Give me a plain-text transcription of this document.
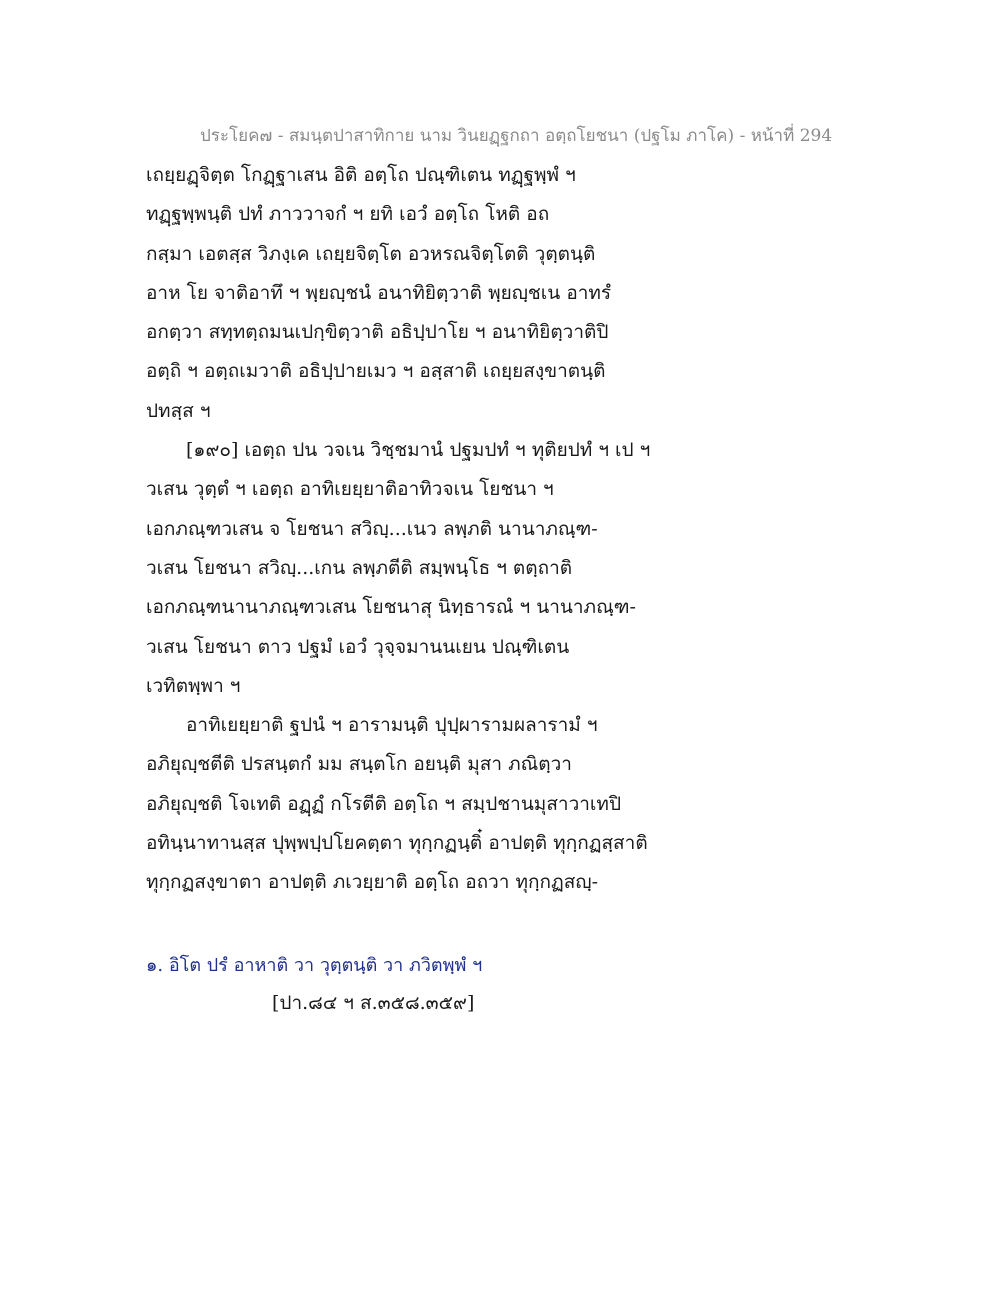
ประโยค๗ - สมนฺตปาสาทิกาย นาม วินยฏฺฐกถา อตฺถโยชนา (ปฐโม ภาโค) - หน้าที่ 294
เถยฺยฏฺจิตฺต โกฏฺฐาเสน อิติ อตฺโถ ปณฺฑิเตน ทฏฺฐพฺพํ ฯ
ทฏฺฐพฺพนฺติ ปทํ ภาววาจกํ ฯ ยทิ เอวํ อตฺโถ โหติ อถ
กสฺมา เอตสฺส วิภงฺเค เถยฺยจิตฺโต อวหรณจิตฺโตติ วุตฺตนฺติ
อาห โย จาติอาทึ ฯ พฺยญฺชนํ อนาทิยิตฺวาติ พฺยญฺชเน อาทรํ
อกตฺวา สทฺทตฺถมนเปกฺขิตฺวาติ อธิปฺปาโย ฯ อนาทิยิตฺวาติปิ
อตฺถิ ฯ อตฺถเมวาติ อธิปฺปายเมว ฯ อสฺสาติ เถยฺยสงฺขาตนฺติ
ปทสฺส ฯ
[๑๙๐] เอตฺถ ปน วจเน วิชฺชมานํ ปฐมปทํ ฯ ทุติยปทํ ฯ เป ฯ
วเสน วุตฺตํ ฯ เอตฺถ อาทิเยยฺยาติอาทิวจเน โยชนา ฯ
เอกภณฺฑวเสน จ โยชนา สวิญฺ...เนว ลพฺภติ นานาภณฺฑ-
วเสน โยชนา สวิญฺ...เกน ลพฺภตีติ สมฺพนฺโธ ฯ ตตฺถาติ
เอกภณฺฑนานาภณฺฑวเสน โยชนาสุ นิทฺธารณํ ฯ นานาภณฺฑ-
วเสน โยชนา ตาว ปฐมํ เอวํ วุจฺจมานนเยน ปณฺฑิเตน
เวทิตพฺพา ฯ
อาทิเยยฺยาติ ฐปนํ ฯ อารามนฺติ ปุปฺผารามผลารามํ ฯ
อภิยุญฺชตีติ ปรสนฺตกํ มม สนฺตโก อยนฺติ มุสา ภณิตฺวา
อภิยุญฺชติ โจเทติ อฏฺฏํ กโรตีติ อตฺโถ ฯ สมฺปชานมุสาวาเทปิ
อทินฺนาทานสฺส ปุพฺพปฺปโยคตฺตา ทุกฺกฏนฺติ๋ อาปตฺติ ทุกฺกฏสฺสาติ
ทุกฺกฏสงฺขาตา อาปตฺติ ภเวยฺยาติ อตฺโถ อถวา ทุกฺกฏสญฺ-
๑. อิโต ปรํ อาหาติ วา วุตฺตนฺติ วา ภวิตพฺพํ ฯ
[ปา.๘๔ ฯ ส.๓๕๘.๓๕๙]
